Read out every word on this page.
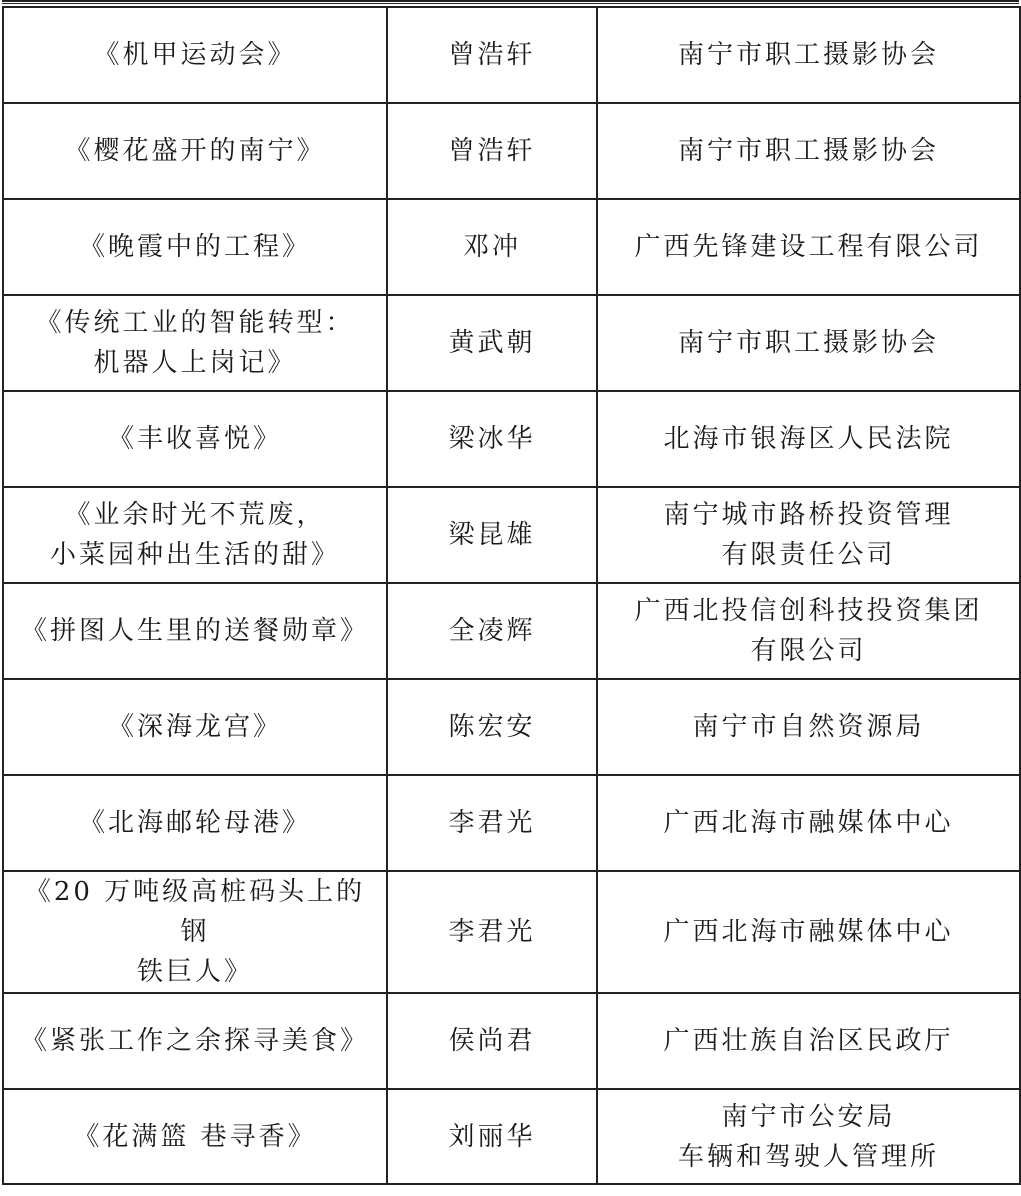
《机甲运动会》	曾浩轩	南宁市职工摄影协会
《樱花盛开的南宁》	曾浩轩	南宁市职工摄影协会
《晚霞中的工程》	邓冲	广西先锋建设工程有限公司
《传统工业的智能转型：
机器人上岗记》	黄武朝	南宁市职工摄影协会
《丰收喜悦》	梁冰华	北海市银海区人民法院
《业余时光不荒废，
小菜园种出生活的甜》	梁昆雄	南宁城市路桥投资管理
有限责任公司
《拼图人生里的送餐勋章》	全凌辉	广西北投信创科技投资集团
有限公司
《深海龙宫》	陈宏安	南宁市自然资源局
《北海邮轮母港》	李君光	广西北海市融媒体中心
《20 万吨级高桩码头上的钢
铁巨人》	李君光	广西北海市融媒体中心
《紧张工作之余探寻美食》	侯尚君	广西壮族自治区民政厅
《花满篮 巷寻香》	刘丽华	南宁市公安局
车辆和驾驶人管理所
